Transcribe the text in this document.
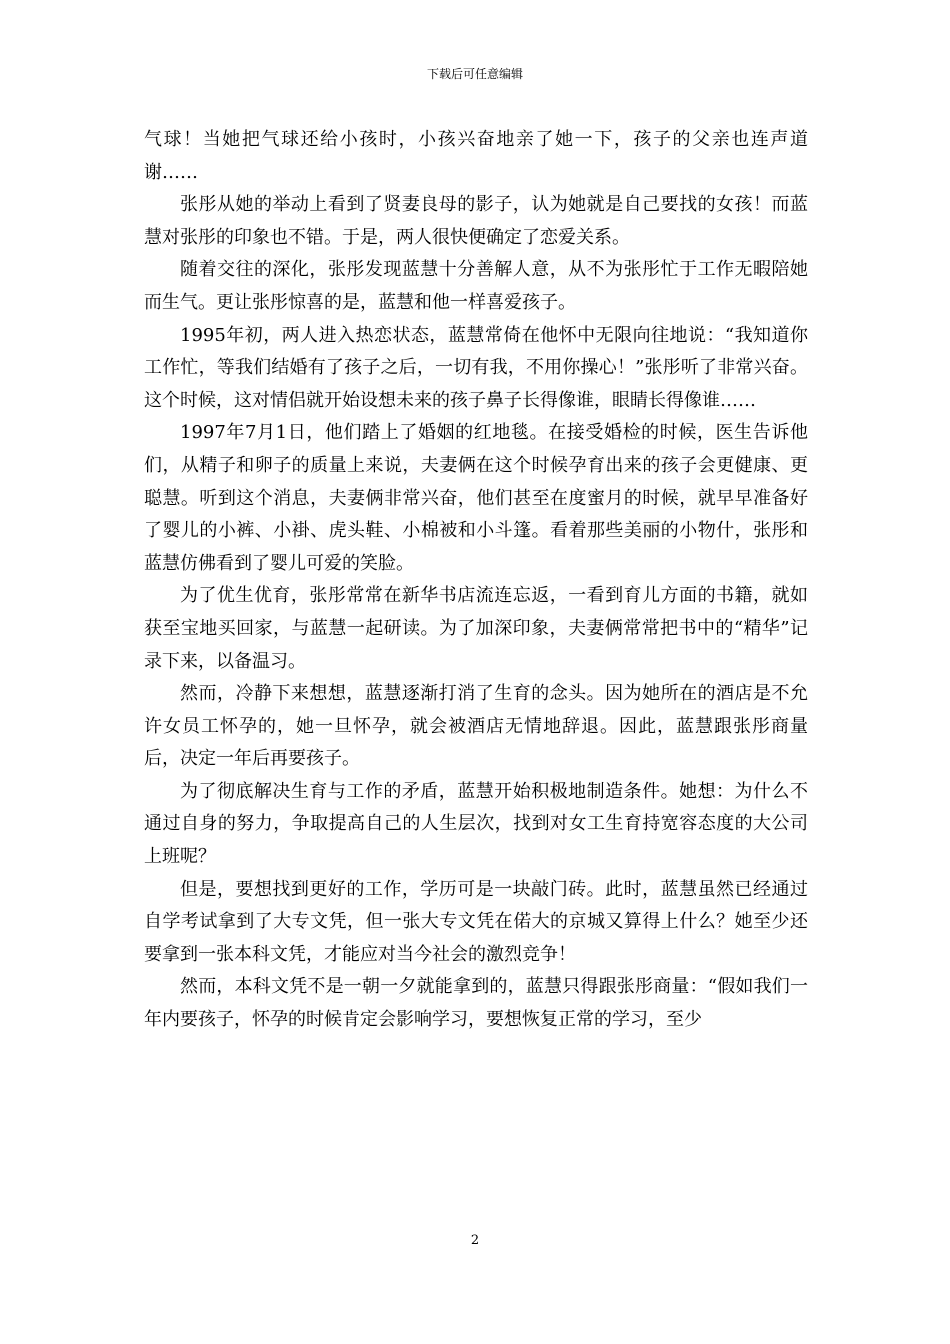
下载后可任意编辑

气球！当她把气球还给小孩时，小孩兴奋地亲了她一下，孩子的父亲也连声道谢……

张彤从她的举动上看到了贤妻良母的影子，认为她就是自己要找的女孩！而蓝慧对张彤的印象也不错。于是，两人很快便确定了恋爱关系。

随着交往的深化，张彤发现蓝慧十分善解人意，从不为张彤忙于工作无暇陪她而生气。更让张彤惊喜的是，蓝慧和他一样喜爱孩子。

1995年初，两人进入热恋状态，蓝慧常倚在他怀中无限向往地说：“我知道你工作忙，等我们结婚有了孩子之后，一切有我，不用你操心！”张彤听了非常兴奋。这个时候，这对情侣就开始设想未来的孩子鼻子长得像谁，眼睛长得像谁……

1997年7月1日，他们踏上了婚姻的红地毯。在接受婚检的时候，医生告诉他们，从精子和卵子的质量上来说，夫妻俩在这个时候孕育出来的孩子会更健康、更聪慧。听到这个消息，夫妻俩非常兴奋，他们甚至在度蜜月的时候，就早早准备好了婴儿的小裤、小褂、虎头鞋、小棉被和小斗篷。看着那些美丽的小物什，张彤和蓝慧仿佛看到了婴儿可爱的笑脸。

为了优生优育，张彤常常在新华书店流连忘返，一看到育儿方面的书籍，就如获至宝地买回家，与蓝慧一起研读。为了加深印象，夫妻俩常常把书中的“精华”记录下来，以备温习。

然而，冷静下来想想，蓝慧逐渐打消了生育的念头。因为她所在的酒店是不允许女员工怀孕的，她一旦怀孕，就会被酒店无情地辞退。因此，蓝慧跟张彤商量后，决定一年后再要孩子。

为了彻底解决生育与工作的矛盾，蓝慧开始积极地制造条件。她想：为什么不通过自身的努力，争取提高自己的人生层次，找到对女工生育持宽容态度的大公司上班呢？

但是，要想找到更好的工作，学历可是一块敲门砖。此时，蓝慧虽然已经通过自学考试拿到了大专文凭，但一张大专文凭在偌大的京城又算得上什么？她至少还要拿到一张本科文凭，才能应对当今社会的激烈竞争！

然而，本科文凭不是一朝一夕就能拿到的，蓝慧只得跟张彤商量：“假如我们一年内要孩子，怀孕的时候肯定会影响学习，要想恢复正常的学习，至少

2
